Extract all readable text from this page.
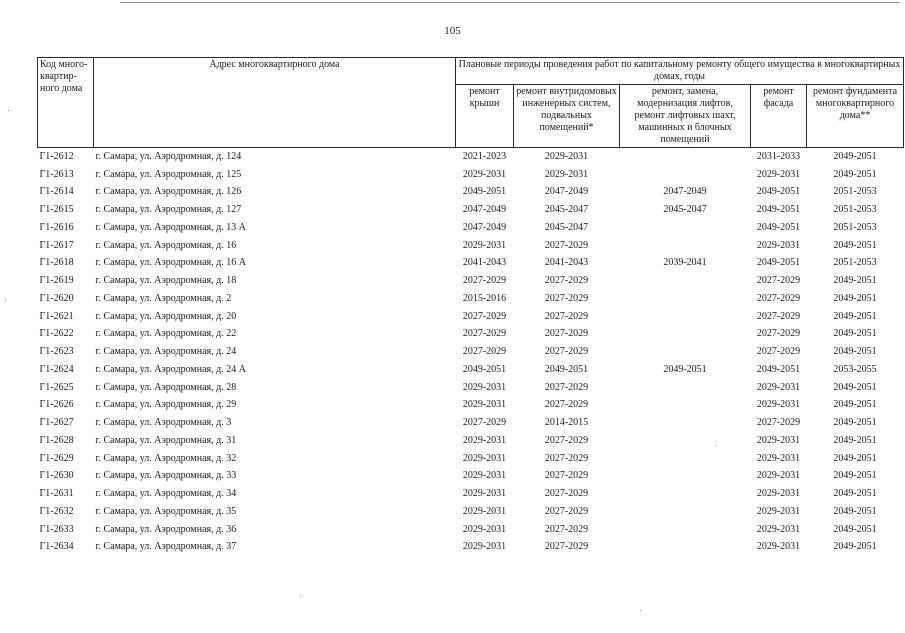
105
Код много-квартир-ного дома	Адрес многоквартирного дома	Плановые периоды проведения работ по капитальному ремонту общего имущества в многоквартирных домах, годы				
		ремонт крыши	ремонт внутридомовых инженерных систем, подвальных помещений*	ремонт, замена, модернизация лифтов, ремонт лифтовых шахт, машинных и блочных помещений	ремонт фасада	ремонт фундамента многоквартирного дома**
Г1-2612	г. Самара, ул. Аэродромная, д. 124	2021-2023	2029-2031		2031-2033	2049-2051
Г1-2613	г. Самара, ул. Аэродромная, д. 125	2029-2031	2029-2031		2029-2031	2049-2051
Г1-2614	г. Самара, ул. Аэродромная, д. 126	2049-2051	2047-2049	2047-2049	2049-2051	2051-2053
Г1-2615	г. Самара, ул. Аэродромная, д. 127	2047-2049	2045-2047	2045-2047	2049-2051	2051-2053
Г1-2616	г. Самара, ул. Аэродромная, д. 13 А	2047-2049	2045-2047		2049-2051	2051-2053
Г1-2617	г. Самара, ул. Аэродромная, д. 16	2029-2031	2027-2029		2029-2031	2049-2051
Г1-2618	г. Самара, ул. Аэродромная, д. 16 А	2041-2043	2041-2043	2039-2041	2049-2051	2051-2053
Г1-2619	г. Самара, ул. Аэродромная, д. 18	2027-2029	2027-2029		2027-2029	2049-2051
Г1-2620	г. Самара, ул. Аэродромная, д. 2	2015-2016	2027-2029		2027-2029	2049-2051
Г1-2621	г. Самара, ул. Аэродромная, д. 20	2027-2029	2027-2029		2027-2029	2049-2051
Г1-2622	г. Самара, ул. Аэродромная, д. 22	2027-2029	2027-2029		2027-2029	2049-2051
Г1-2623	г. Самара, ул. Аэродромная, д. 24	2027-2029	2027-2029		2027-2029	2049-2051
Г1-2624	г. Самара, ул. Аэродромная, д. 24 А	2049-2051	2049-2051	2049-2051	2049-2051	2053-2055
Г1-2625	г. Самара, ул. Аэродромная, д. 28	2029-2031	2027-2029		2029-2031	2049-2051
Г1-2626	г. Самара, ул. Аэродромная, д. 29	2029-2031	2027-2029		2029-2031	2049-2051
Г1-2627	г. Самара, ул. Аэродромная, д. 3	2027-2029	2014-2015		2027-2029	2049-2051
Г1-2628	г. Самара, ул. Аэродромная, д. 31	2029-2031	2027-2029		2029-2031	2049-2051
Г1-2629	г. Самара, ул. Аэродромная, д. 32	2029-2031	2027-2029		2029-2031	2049-2051
Г1-2630	г. Самара, ул. Аэродромная, д. 33	2029-2031	2027-2029		2029-2031	2049-2051
Г1-2631	г. Самара, ул. Аэродромная, д. 34	2029-2031	2027-2029		2029-2031	2049-2051
Г1-2632	г. Самара, ул. Аэродромная, д. 35	2029-2031	2027-2029		2029-2031	2049-2051
Г1-2633	г. Самара, ул. Аэродромная, д. 36	2029-2031	2027-2029		2029-2031	2049-2051
Г1-2634	г. Самара, ул. Аэродромная, д. 37	2029-2031	2027-2029		2029-2031	2049-2051
